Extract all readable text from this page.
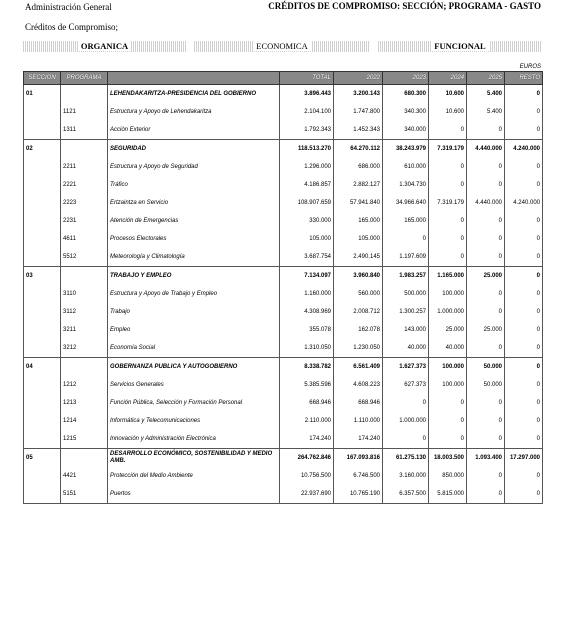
Administración General	CRÉDITOS DE COMPROMISO: SECCIÓN; PROGRAMA - GASTO
Créditos de Compromiso;
ORGANICA	ECONOMICA	FUNCIONAL
EUROS
SECCION	PROGRAMA		TOTAL	2022	2023	2024	2025	RESTO
01		LEHENDAKARITZA-PRESIDENCIA DEL GOBIERNO	3.896.443	3.200.143	680.300	10.600	5.400	0
	1121	Estructura y Apoyo de Lehendakaritza	2.104.100	1.747.800	340.300	10.600	5.400	0
	1311	Acción Exterior	1.792.343	1.452.343	340.000	0	0	0
02		SEGURIDAD	118.513.270	64.270.112	38.243.979	7.319.179	4.440.000	4.240.000
	2211	Estructura y Apoyo de Seguridad	1.296.000	686.000	610.000	0	0	0
	2221	Tráfico	4.186.857	2.882.127	1.304.730	0	0	0
	2223	Ertzaintza en Servicio	108.907.659	57.941.840	34.966.640	7.319.179	4.440.000	4.240.000
	2231	Atención de Emergencias	330.000	165.000	165.000	0	0	0
	4611	Procesos Electorales	105.000	105.000	0	0	0	0
	5512	Meteorología y Climatología	3.687.754	2.490.145	1.197.609	0	0	0
03		TRABAJO Y EMPLEO	7.134.097	3.960.840	1.983.257	1.165.000	25.000	0
	3110	Estructura y Apoyo de Trabajo y Empleo	1.160.000	560.000	500.000	100.000	0	0
	3112	Trabajo	4.308.969	2.008.712	1.300.257	1.000.000	0	0
	3211	Empleo	355.078	162.078	143.000	25.000	25.000	0
	3212	Economía Social	1.310.050	1.230.050	40.000	40.000	0	0
04		GOBERNANZA PUBLICA Y AUTOGOBIERNO	8.338.782	6.561.409	1.627.373	100.000	50.000	0
	1212	Servicios Generales	5.385.596	4.608.223	627.373	100.000	50.000	0
	1213	Función Pública, Selección y Formación Personal	668.946	668.946	0	0	0	0
	1214	Informática y Telecomunicaciones	2.110.000	1.110.000	1.000.000	0	0	0
	1215	Innovación y Administración Electrónica	174.240	174.240	0	0	0	0
05		DESARROLLO ECONÓMICO, SOSTENIBILIDAD Y MEDIO AMB.	264.762.846	167.093.816	61.275.130	18.003.500	1.093.400	17.297.000
	4421	Protección del Medio Ambiente	10.756.500	6.746.500	3.160.000	850.000	0	0
	5151	Puertos	22.937.690	10.765.190	6.357.500	5.815.000	0	0
